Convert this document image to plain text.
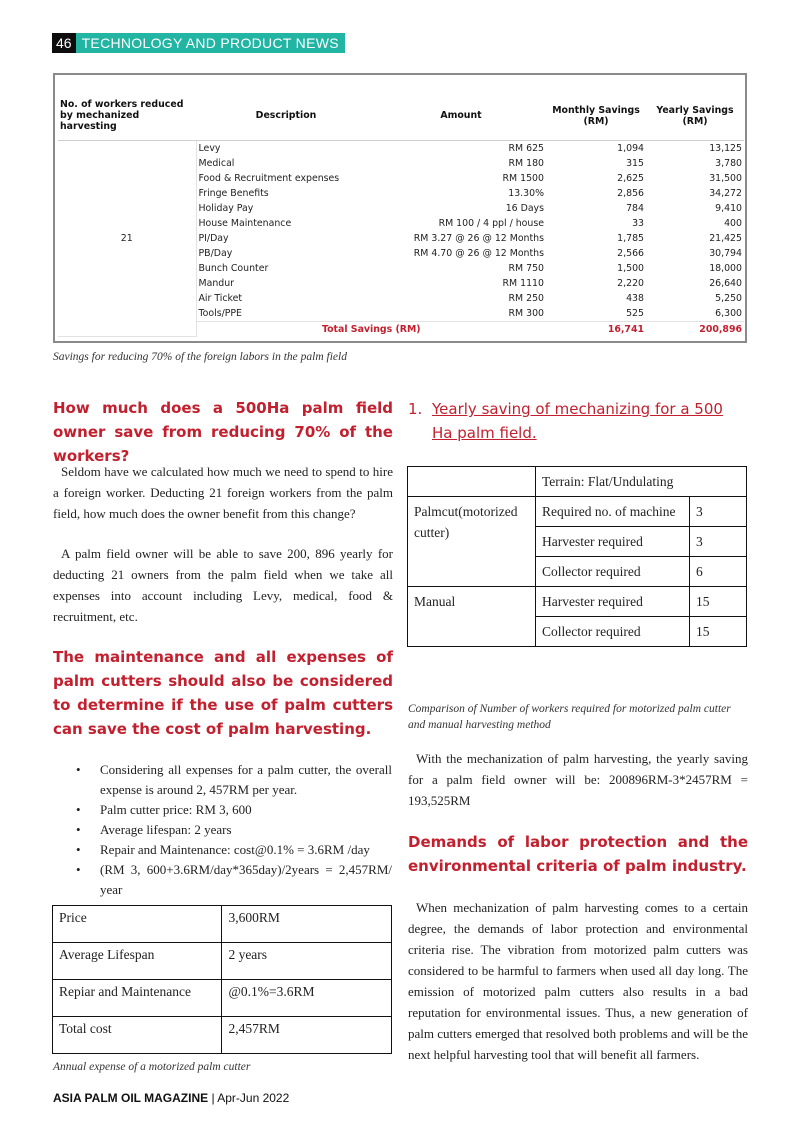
46 TECHNOLOGY AND PRODUCT NEWS
No. of workers reduced by mechanized harvesting	Description	Amount	Monthly Savings (RM)	Yearly Savings (RM)
21	Levy	RM 625	1,094	13,125
	Medical	RM 180	315	3,780
	Food & Recruitment expenses	RM 1500	2,625	31,500
	Fringe Benefits	13.30%	2,856	34,272
	Holiday Pay	16 Days	784	9,410
	House Maintenance	RM 100 / 4 ppl / house	33	400
	PI/Day	RM 3.27 @ 26 @ 12 Months	1,785	21,425
	PB/Day	RM 4.70 @ 26 @ 12 Months	2,566	30,794
	Bunch Counter	RM 750	1,500	18,000
	Mandur	RM 1110	2,220	26,640
	Air Ticket	RM 250	438	5,250
	Tools/PPE	RM 300	525	6,300
	Total Savings (RM)		16,741	200,896
Savings for reducing 70% of the foreign labors in the palm field
How much does a 500Ha palm field owner save from reducing 70% of the workers?

Seldom have we calculated how much we need to spend to hire a foreign worker. Deducting 21 foreign workers from the palm field, how much does the owner benefit from this change?

A palm field owner will be able to save 200, 896 yearly for deducting 21 owners from the palm field when we take all expenses into account including Levy, medical, food & recruitment, etc.

The maintenance and all expenses of palm cutters should also be considered to determine if the use of palm cutters can save the cost of palm harvesting.
• Considering all expenses for a palm cutter, the overall expense is around 2, 457RM per year.
• Palm cutter price: RM 3, 600
• Average lifespan: 2 years
• Repair and Maintenance: cost@0.1% = 3.6RM /day
• (RM 3, 600+3.6RM/day*365day)/2years = 2,457RM/ year
Price	3,600RM
Average Lifespan	2 years
Repiar and Maintenance	@0.1%=3.6RM
Total cost	2,457RM
Annual expense of a motorized palm cutter
1. Yearly saving of mechanizing for a 500 Ha palm field.
	Terrain: Flat/Undulating	
Palmcut(motorized cutter)	Required no. of machine	3
	Harvester required	3
	Collector required	6
Manual	Harvester required	15
	Collector required	15
Comparison of Number of workers required for motorized palm cutter and manual harvesting method

With the mechanization of palm harvesting, the yearly saving for a palm field owner will be: 200896RM-3*2457RM = 193,525RM

Demands of labor protection and the environmental criteria of palm industry.

When mechanization of palm harvesting comes to a certain degree, the demands of labor protection and environmental criteria rise. The vibration from motorized palm cutters was considered to be harmful to farmers when used all day long. The emission of motorized palm cutters also results in a bad reputation for environmental issues. Thus, a new generation of palm cutters emerged that resolved both problems and will be the next helpful harvesting tool that will benefit all farmers.

ASIA PALM OIL MAGAZINE | Apr-Jun 2022
